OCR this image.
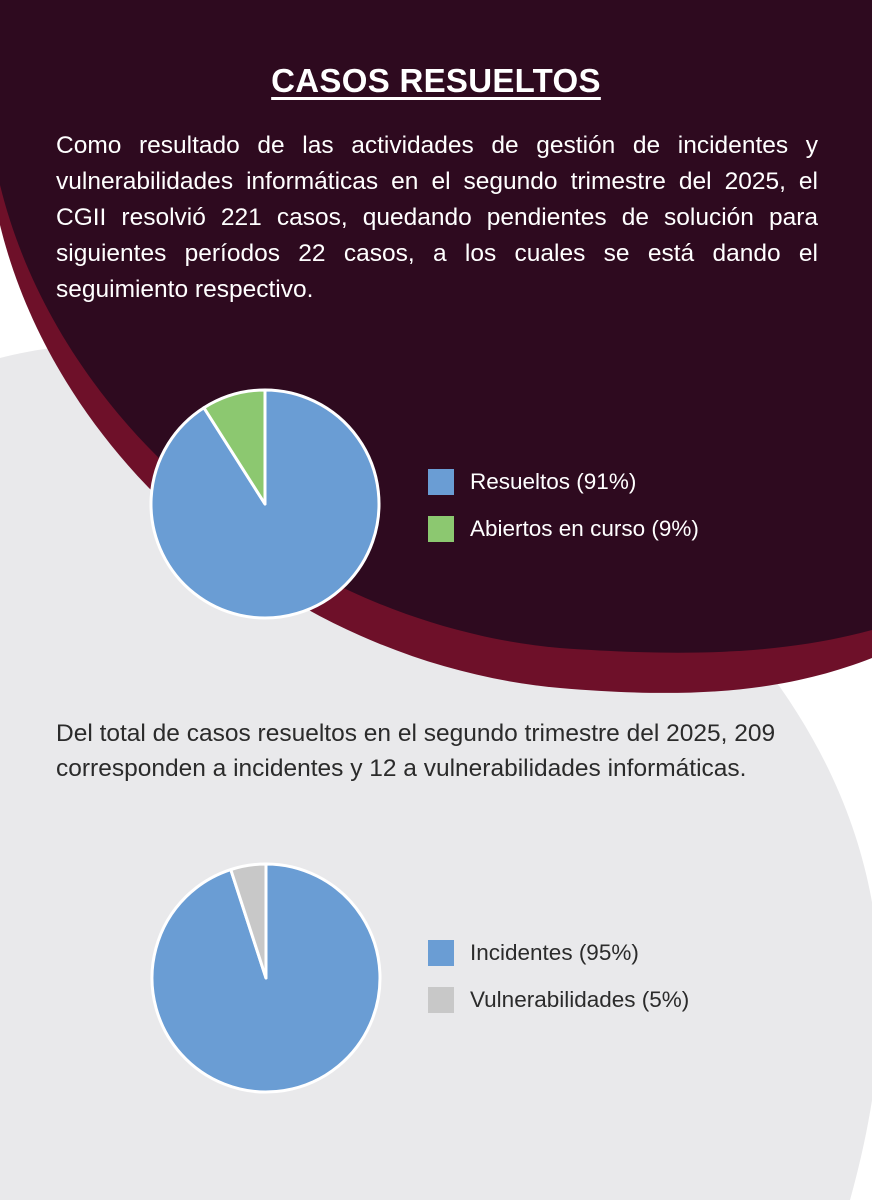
CASOS RESUELTOS

Como resultado de las actividades de gestión de incidentes y vulnerabilidades informáticas en el segundo trimestre del 2025, el CGII resolvió 221 casos, quedando pendientes de solución para siguientes períodos 22 casos, a los cuales se está dando el seguimiento respectivo.

Resueltos (91%)
Abiertos en curso (9%)

Del total de casos resueltos en el segundo trimestre del 2025, 209 corresponden a incidentes y 12 a vulnerabilidades informáticas.

Incidentes (95%)
Vulnerabilidades (5%)
